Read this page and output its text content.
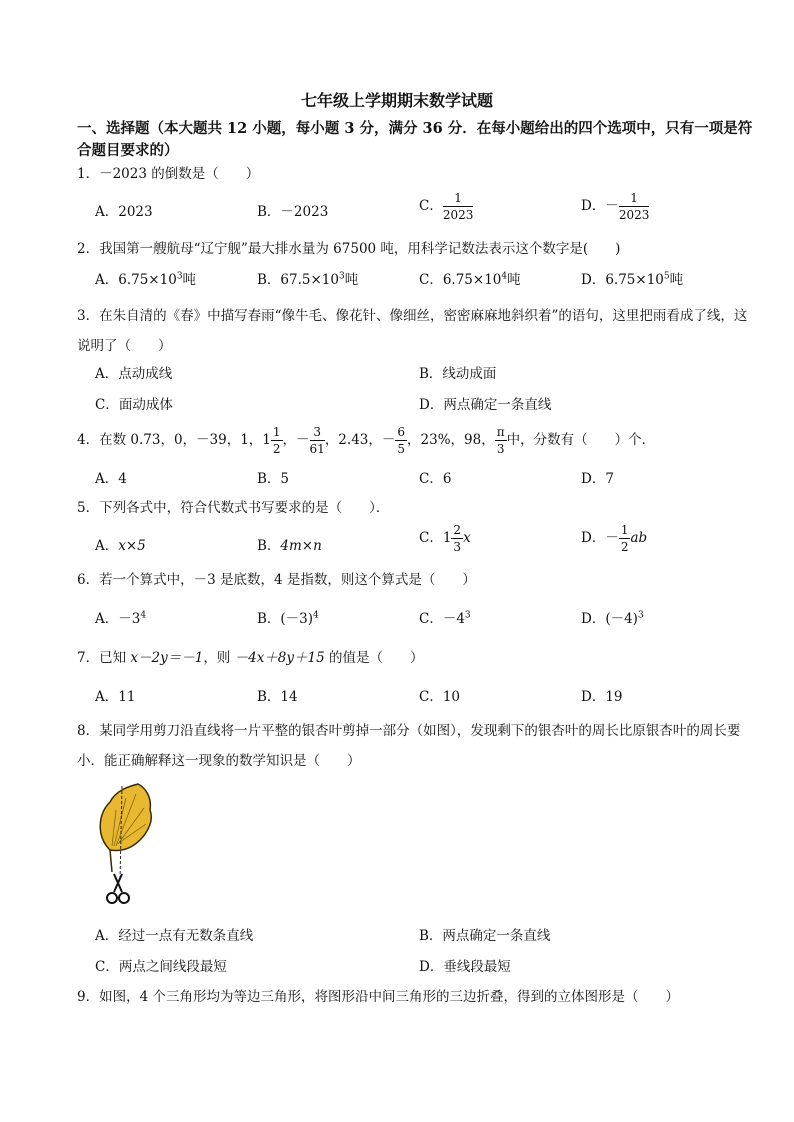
七年级上学期期末数学试题
一、选择题（本大题共 12 小题，每小题 3 分，满分 36 分．在每小题给出的四个选项中，只有一项是符合题目要求的）
1．－2023 的倒数是（　　）
A．2023	B．－2023	C． $\frac{1}{2023}$	D．－ $\frac{1}{2023}$
2．我国第一艘航母“辽宁舰”最大排水量为 67500 吨，用科学记数法表示这个数字是(　　)
A．$6.75\times 10^3$吨	B．$67.5\times 10^3$吨	C．$6.75\times 10^4$吨	D．$6.75\times 10^5$吨
3．在朱自清的《春》中描写春雨“像牛毛、像花针、像细丝，密密麻麻地斜织着”的语句，这里把雨看成了线，这说明了（　　）
A．点动成线	B．线动成面
C．面动成体	D．两点确定一条直线
4．在数 0.73，0，－39，1，$1 \frac{1}{2}$ ，－ $\frac{3}{61}$ ，2.43，－ $\frac{6}{5}$ ，23%，98， $\frac{\pi}{3}$ 中，分数有（　　）个．
A．4	B．5	C．6	D．7
5．下列各式中，符合代数式书写要求的是（　　）．
A．x×5	B．4m×n	C．$1 \frac{2}{3}$ x	D．－ $\frac{1}{2}$ ab
6．若一个算式中，－3 是底数，4 是指数，则这个算式是（　　）
A．$-3^4$	B．$(-3)^4$	C．$-4^3$	D．$(-4)^3$
7．已知 x－2y＝－1，则 －4x＋8y＋15 的值是（　　）
A．11	B．14	C．10	D．19
8．某同学用剪刀沿直线将一片平整的银杏叶剪掉一部分（如图），发现剩下的银杏叶的周长比原银杏叶的周长要小．能正确解释这一现象的数学知识是（　　）
A．经过一点有无数条直线	B．两点确定一条直线
C．两点之间线段最短	D．垂线段最短
9．如图，4 个三角形均为等边三角形，将图形沿中间三角形的三边折叠，得到的立体图形是（　　）
